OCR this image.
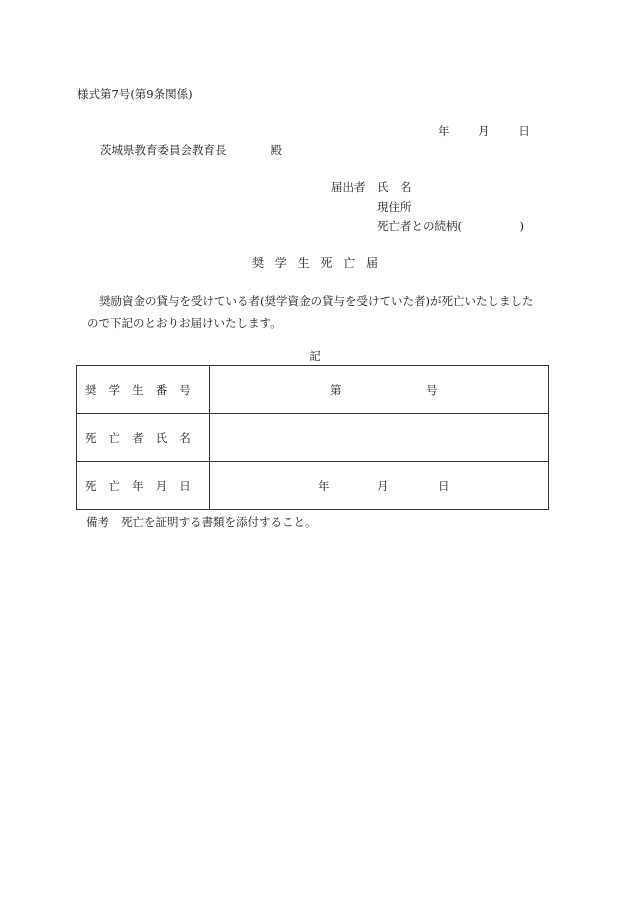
様式第7号(第9条関係)
年 月 日
茨城県教育委員会教育長	殿
届出者 氏　名
現住所
死亡者との続柄(　　　　　)
奨学生死亡届
奨励資金の貸与を受けている者(奨学資金の貸与を受けていた者)が死亡いたしました
ので下記のとおりお届けいたします。
記
奨学生番号	第 号

死亡者氏名	
死亡年月日	年 月 日
備考 死亡を証明する書類を添付すること。
